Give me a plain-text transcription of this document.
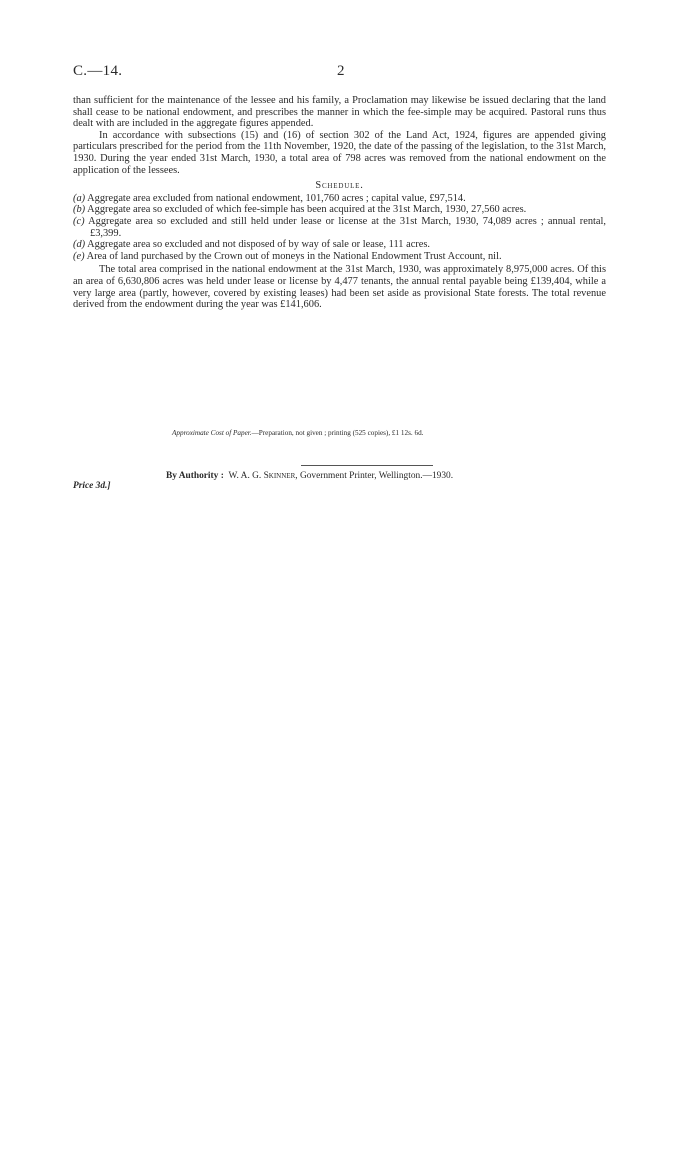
C.—14.	2

than sufficient for the maintenance of the lessee and his family, a Proclamation may likewise be issued declaring that the land shall cease to be national endowment, and prescribes the manner in which the fee-simple may be acquired. Pastoral runs thus dealt with are included in the aggregate figures appended.

In accordance with subsections (15) and (16) of section 302 of the Land Act, 1924, figures are appended giving particulars prescribed for the period from the 11th November, 1920, the date of the passing of the legislation, to the 31st March, 1930. During the year ended 31st March, 1930, a total area of 798 acres was removed from the national endowment on the application of the lessees.

Schedule.

(a) Aggregate area excluded from national endowment, 101,760 acres ; capital value, £97,514.

(b) Aggregate area so excluded of which fee-simple has been acquired at the 31st March, 1930, 27,560 acres.

(c) Aggregate area so excluded and still held under lease or license at the 31st March, 1930, 74,089 acres ; annual rental, £3,399.

(d) Aggregate area so excluded and not disposed of by way of sale or lease, 111 acres.

(e) Area of land purchased by the Crown out of moneys in the National Endowment Trust Account, nil.

The total area comprised in the national endowment at the 31st March, 1930, was approximately 8,975,000 acres. Of this an area of 6,630,806 acres was held under lease or license by 4,477 tenants, the annual rental payable being £139,404, while a very large area (partly, however, covered by existing leases) had been set aside as provisional State forests. The total revenue derived from the endowment during the year was £141,606.

Approximate Cost of Paper.—Preparation, not given ; printing (525 copies), £1 12s. 6d.
By Authority : W. A. G. Skinner, Government Printer, Wellington.—1930.
Price 3d.]
